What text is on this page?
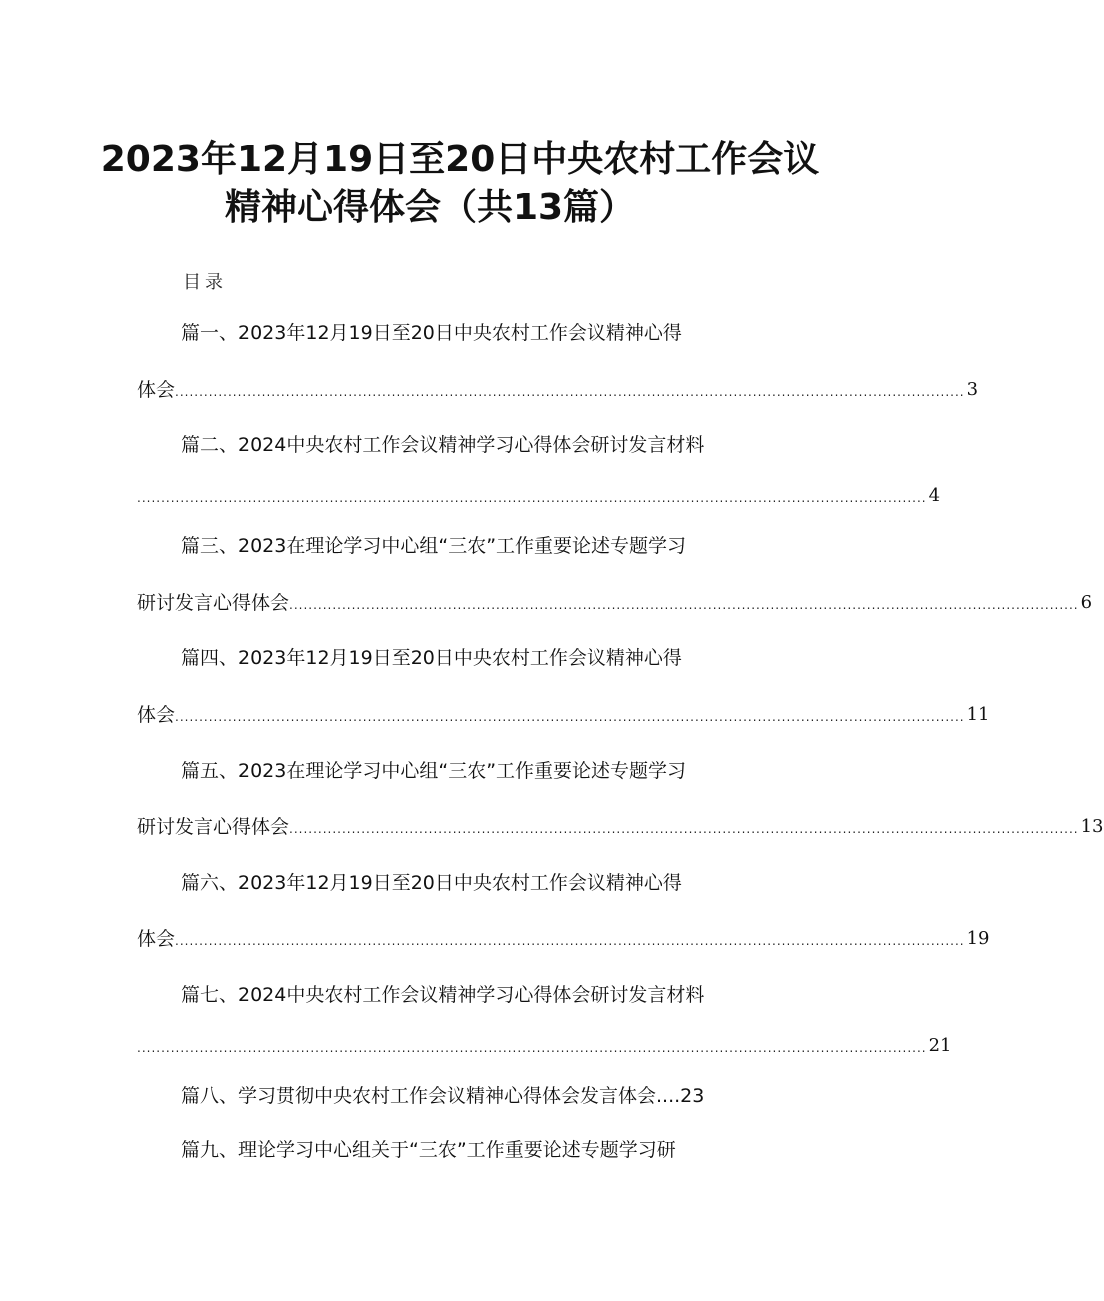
2023年12月19日至20日中央农村工作会议
精神心得体会（共13篇）
目录
篇一、2023年12月19日至20日中央农村工作会议精神心得
体会 .................................................................................................................................................................... 3
篇二、2024中央农村工作会议精神学习心得体会研讨发言材料
.................................................................................................................................................................... 4
篇三、2023在理论学习中心组“三农”工作重要论述专题学习
研讨发言心得体会 .................................................................................................................................................................... 6
篇四、2023年12月19日至20日中央农村工作会议精神心得
体会 .................................................................................................................................................................... 11
篇五、2023在理论学习中心组“三农”工作重要论述专题学习
研讨发言心得体会 .................................................................................................................................................................... 13
篇六、2023年12月19日至20日中央农村工作会议精神心得
体会 .................................................................................................................................................................... 19
篇七、2024中央农村工作会议精神学习心得体会研讨发言材料
.................................................................................................................................................................... 21
篇八、学习贯彻中央农村工作会议精神心得体会发言体会....23
篇九、理论学习中心组关于“三农”工作重要论述专题学习研
